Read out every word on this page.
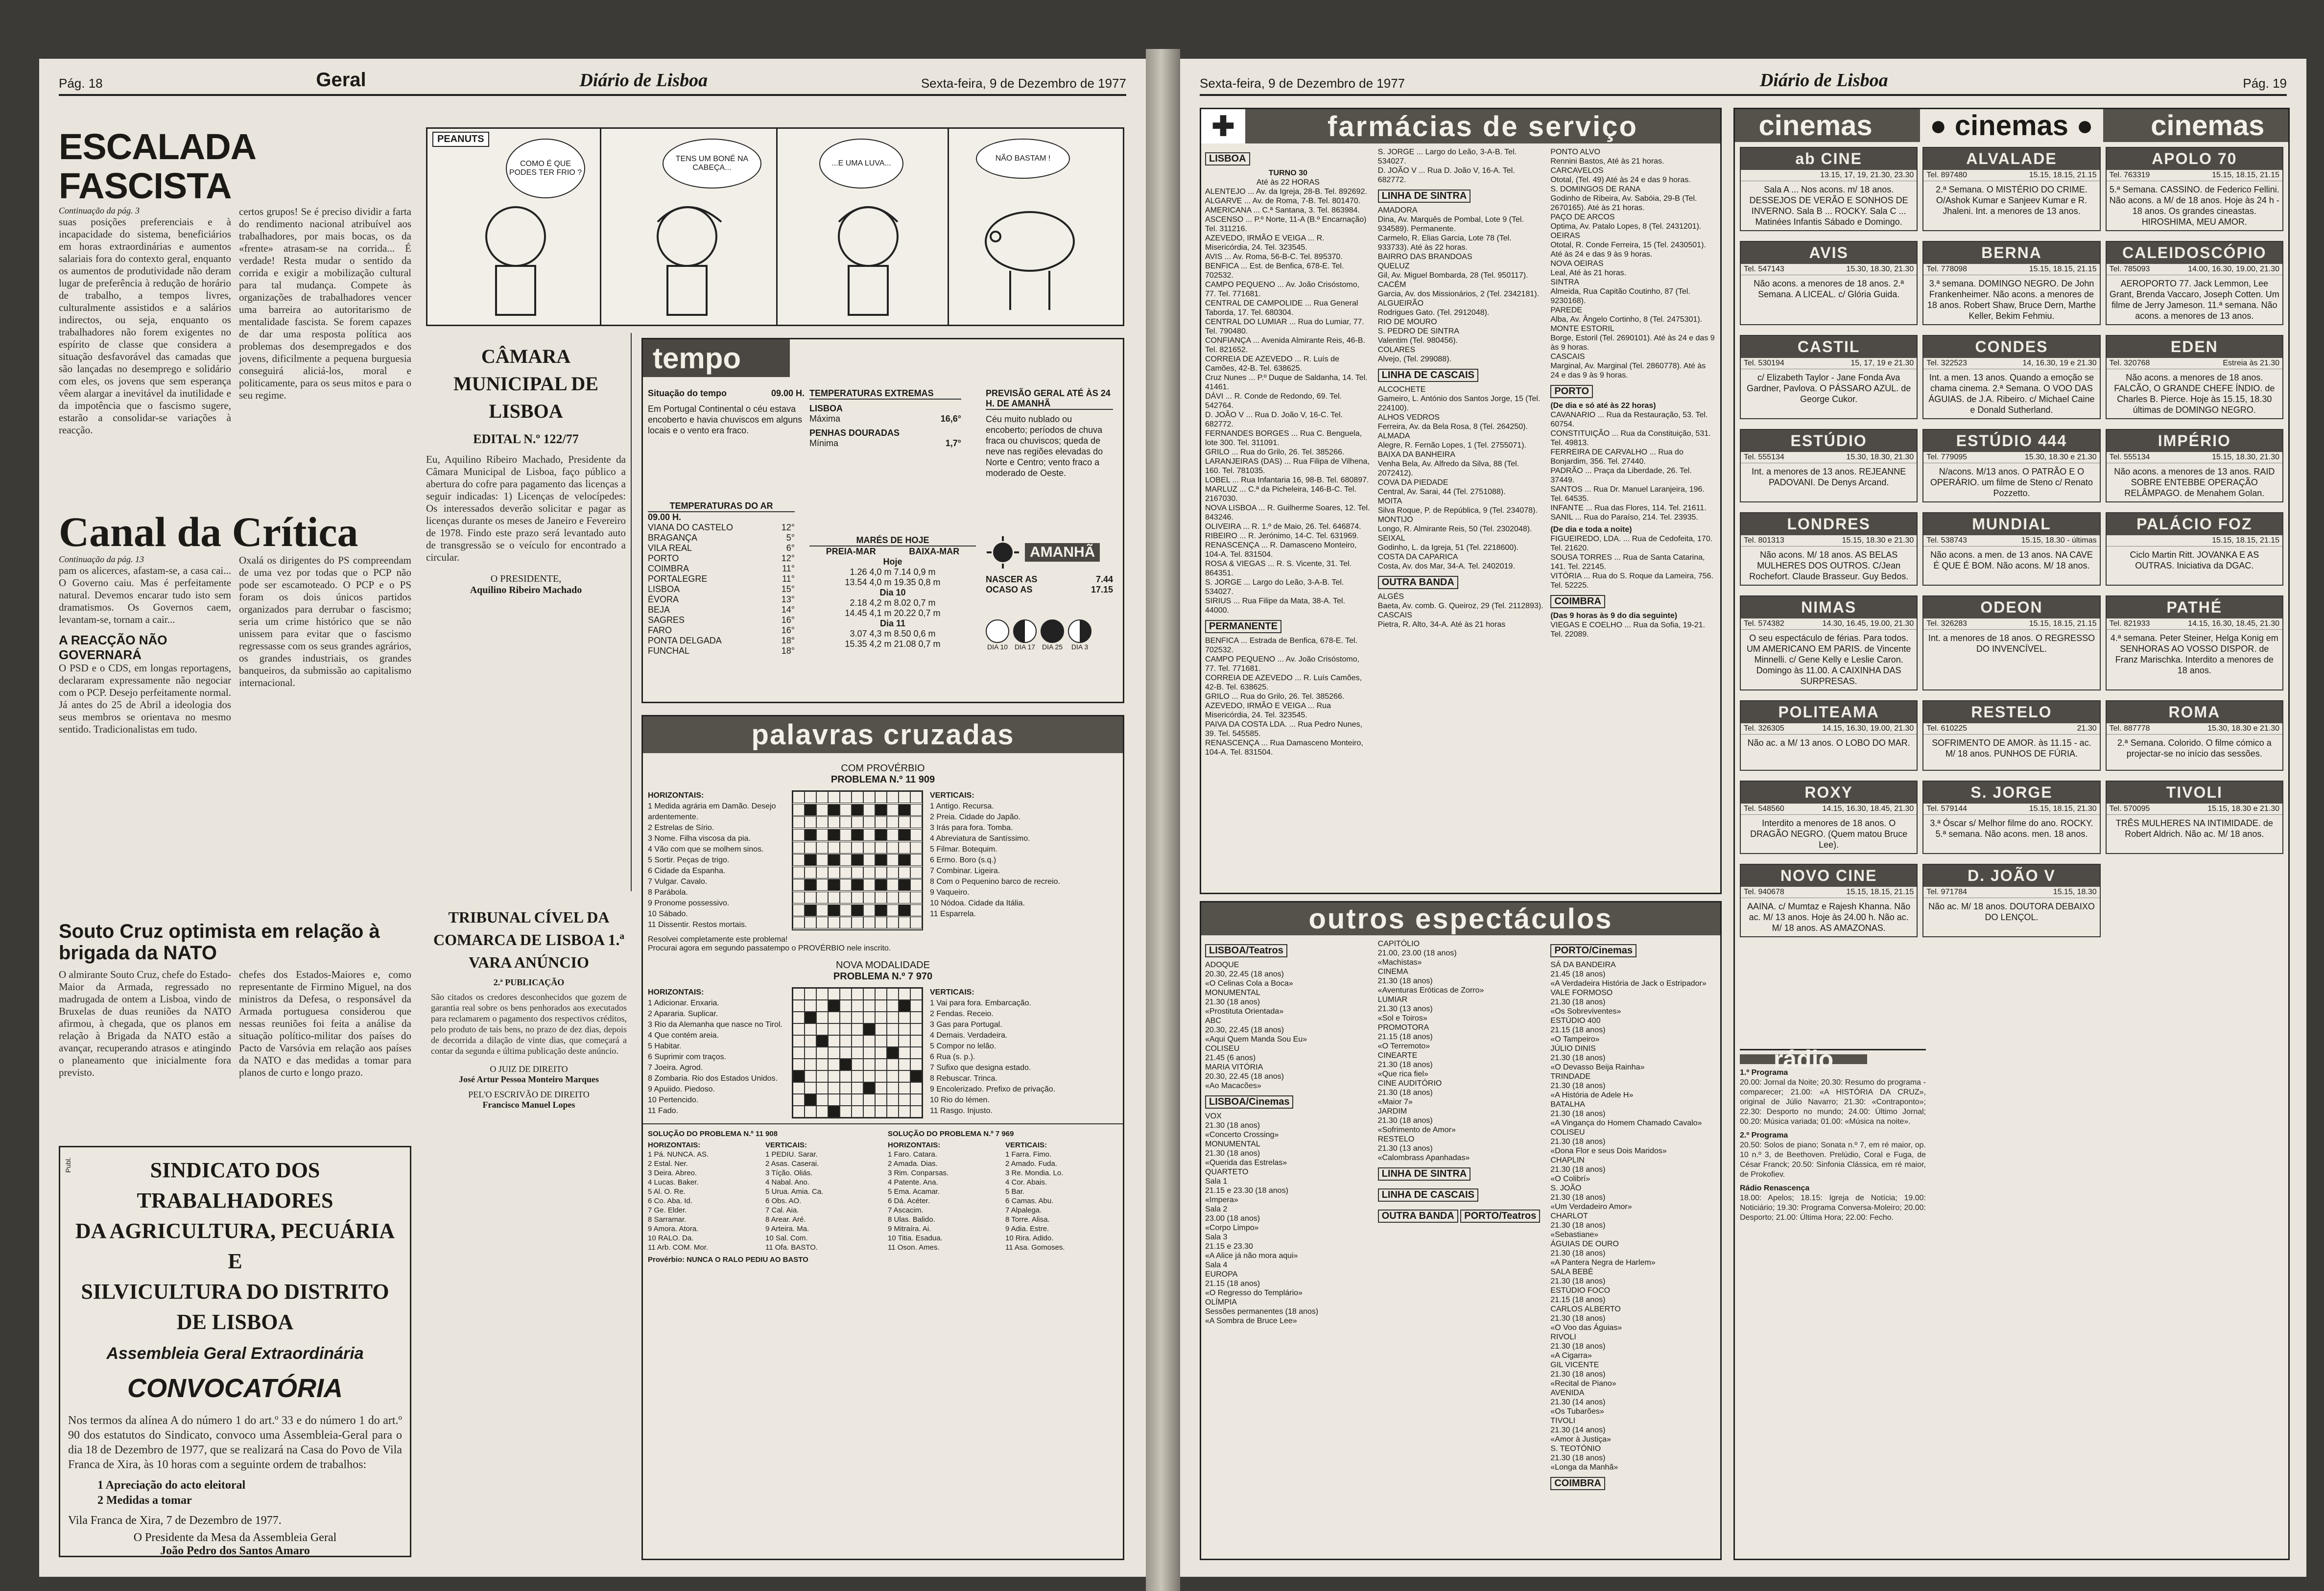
Pág. 18	Geral	Diário de Lisboa	Sexta-feira, 9 de Dezembro de 1977
ESCALADA FASCISTA
Continuação da pág. 3
suas posições preferenciais e à incapacidade do sistema, beneficiários em horas extraordinárias e aumentos salariais fora do contexto geral, enquanto os aumentos de produtividade não deram lugar de preferência à redução de horário de trabalho, a tempos livres, culturalmente assistidos e a salários indirectos, ou seja, enquanto os trabalhadores não forem exigentes no espírito de classe que considera a situação desfavorável das camadas que são lançadas no desemprego e solidário com eles, os jovens que sem esperança vêem alargar a inevitável da inutilidade e da impotência que o fascismo sugere, estarão a consolidar-se variações à reacção.
certos grupos! Se é preciso dividir a farta do rendimento nacional atribuível aos trabalhadores, por mais bocas, os da «frente» atrasam-se na corrida... É verdade! Resta mudar o sentido da corrida e exigir a mobilização cultural para tal mudança. Compete às organizações de trabalhadores vencer uma barreira ao autoritarismo de mentalidade fascista. Se forem capazes de dar uma resposta política aos problemas dos desempregados e dos jovens, dificilmente a pequena burguesia conseguirá aliciá-los, moral e politicamente, para os seus mitos e para o seu regime.
Canal da Crítica
Continuação da pág. 13
pam os alicerces, afastam-se, a casa cai... O Governo caiu. Mas é perfeitamente natural. Devemos encarar tudo isto sem dramatismos. Os Governos caem, levantam-se, tornam a cair...
A REACÇÃO NÃO GOVERNARÁ
O PSD e o CDS, em longas reportagens, declararam expressamente não negociar com o PCP. Desejo perfeitamente normal. Já antes do 25 de Abril a ideologia dos seus membros se orientava no mesmo sentido. Tradicionalistas em tudo.
Oxalá os dirigentes do PS compreendam de uma vez por todas que o PCP não pode ser escamoteado. O PCP e o PS foram os dois únicos partidos organizados para derrubar o fascismo; seria um crime histórico que se não unissem para evitar que o fascismo regressasse com os seus grandes agrários, os grandes industriais, os grandes banqueiros, da submissão ao capitalismo internacional.
Souto Cruz optimista em relação à brigada da NATO
O almirante Souto Cruz, chefe do Estado-Maior da Armada, regressado no madrugada de ontem a Lisboa, vindo de Bruxelas de duas reuniões da NATO afirmou, à chegada, que os planos em relação à Brigada da NATO estão a avançar, recuperando atrasos e atingindo o planeamento que inicialmente fora previsto.
chefes dos Estados-Maiores e, como representante de Firmino Miguel, na dos ministros da Defesa, o responsável da Armada portuguesa considerou que nessas reuniões foi feita a análise da situação político-militar dos países do Pacto de Varsóvia em relação aos países da NATO e das medidas a tomar para planos de curto e longo prazo.
Publ.	SINDICATO DOS TRABALHADORES
DA AGRICULTURA, PECUÁRIA E
SILVICULTURA DO DISTRITO DE LISBOA
Assembleia Geral Extraordinária
CONVOCATÓRIA
Nos termos da alínea A do número 1 do art.º 33 e do número 1 do art.º 90 dos estatutos do Sindicato, convoco uma Assembleia-Geral para o dia 18 de Dezembro de 1977, que se realizará na Casa do Povo de Vila Franca de Xira, às 10 horas com a seguinte ordem de trabalhos:
1 Apreciação do acto eleitoral
2 Medidas a tomar
Vila Franca de Xira, 7 de Dezembro de 1977.
O Presidente da Mesa da Assembleia Geral
João Pedro dos Santos Amaro
PEANUTS
COMO É QUE PODES TER FRIO ?
TENS UM BONÉ NA CABEÇA...
...E UMA LUVA...
NÃO BASTAM !
CÂMARA MUNICIPAL DE LISBOA
EDITAL N.º 122/77
Eu, Aquilino Ribeiro Machado, Presidente da Câmara Municipal de Lisboa, faço público a abertura do cofre para pagamento das licenças a seguir indicadas: 1) Licenças de velocípedes: Os interessados deverão solicitar e pagar as licenças durante os meses de Janeiro e Fevereiro de 1978. Findo este prazo será levantado auto de transgressão se o veículo for encontrado a circular.
O PRESIDENTE,
Aquilino Ribeiro Machado
TRIBUNAL CÍVEL DA COMARCA DE LISBOA 1.ª VARA ANÚNCIO
2.ª PUBLICAÇÃO
São citados os credores desconhecidos que gozem de garantia real sobre os bens penhorados aos executados para reclamarem o pagamento dos respectivos créditos, pelo produto de tais bens, no prazo de dez dias, depois de decorrida a dilação de vinte dias, que começará a contar da segunda e última publicação deste anúncio.
O JUIZ DE DIREITO
José Artur Pessoa Monteiro Marques
PEL'O ESCRIVÃO DE DIREITO
Francisco Manuel Lopes
tempo
Situação do tempo	09.00 H.
Em Portugal Continental o céu estava encoberto e havia chuviscos em alguns locais e o vento era fraco.
TEMPERATURAS EXTREMAS
LISBOA
Máxima	16,6°
PENHAS DOURADAS
Mínima	1,7°
PREVISÃO GERAL ATÉ ÀS 24 H. DE AMANHÃ
Céu muito nublado ou encoberto; períodos de chuva fraca ou chuviscos; queda de neve nas regiões elevadas do Norte e Centro; vento fraco a moderado de Oeste.
TEMPERATURAS DO AR
09.00 H.
VIANA DO CASTELO	12°
BRAGANÇA	5°
VILA REAL	6°
PORTO	12°
COIMBRA	11°
PORTALEGRE	11°
LISBOA	15°
ÉVORA	13°
BEJA	14°
SAGRES	16°
FARO	16°
PONTA DELGADA	18°
FUNCHAL	18°
MARÉS DE HOJE
PREIA-MAR	BAIXA-MAR
Hoje
1.26 4,0 m 7.14 0,9 m
13.54 4,0 m 19.35 0,8 m
Dia 10
2.18 4,2 m 8.02 0,7 m
14.45 4,1 m 20.22 0,7 m
Dia 11
3.07 4,3 m 8.50 0,6 m
15.35 4,2 m 21.08 0,7 m
AMANHÃ
NASCER AS	7.44
OCASO AS	17.15
DIA 10 DIA 17 DIA 25	DIA 3
palavras cruzadas
COM PROVÉRBIO
PROBLEMA N.º 11 909
HORIZONTAIS:
1 Medida agrária em Damão. Desejo ardentemente.
2 Estrelas de Sírio.
3 Nome. Filha viscosa da pia.
4 Vão com que se molhem sinos.
5 Sortir. Peças de trigo.
6 Cidade da Espanha.
7 Vulgar. Cavalo.
8 Parábola.
9 Pronome possessivo.
10 Sábado.
11 Dissentir. Restos mortais.
VERTICAIS:
1 Antigo. Recursa.
2 Preia. Cidade do Japão.
3 Irás para fora. Tomba.
4 Abreviatura de Santíssimo.
5 Filmar. Botequim.
6 Ermo. Boro (s.q.)
7 Combinar. Ligeira.
8 Com o Pequenino barco de recreio.
9 Vaqueiro.
10 Nódoa. Cidade da Itália.
11 Esparrela.
Resolvei completamente este problema!
Procurai agora em segundo passatempo o PROVÉRBIO nele inscrito.
NOVA MODALIDADE
PROBLEMA N.º 7 970
HORIZONTAIS:
1 Adicionar. Enxaria.
2 Apararia. Suplicar.
3 Rio da Alemanha que nasce no Tirol.
4 Que contém areia.
5 Habitar.
6 Suprimir com traços.
7 Joeira. Agrod.
8 Zombaria. Rio dos Estados Unidos.
9 Apuiido. Piedoso.
10 Pertencido.
11 Fado.
VERTICAIS:
1 Vai para fora. Embarcação.
2 Fendas. Receio.
3 Gas para Portugal.
4 Demais. Verdadeira.
5 Compor no lelão.
6 Rua (s. p.).
7 Sufixo que designa estado.
8 Rebuscar. Trinca.
9 Encolerizado. Prefixo de privação.
10 Rio do Iémen.
11 Rasgo. Injusto.
SOLUÇÃO DO PROBLEMA N.º 11 908
HORIZONTAIS:
1 Pá. NUNCA. AS.
2 Estal. Ner.
3 Deira. Abreo.
4 Lucas. Baker.
5 Al. O. Re.
6 Co. Aba. Id.
7 Ge. Elder.
8 Sarramar.
9 Amora. Atora.
10 RALO. Da.
11 Arb. COM. Mor.
VERTICAIS:
1 PEDIU. Sarar.
2 Asas. Caserai.
3 Tíção. Oliás.
4 Nabal. Ano.
5 Urua. Amia. Ca.
6 Obs. AO.
7 Cal. Aia.
8 Arear. Aré.
9 Arteira. Ma.
10 Sal. Com.
11 Ofa. BASTO.
Provérbio: NUNCA O RALO PEDIU AO BASTO
SOLUÇÃO DO PROBLEMA N.º 7 969
HORIZONTAIS:
1 Faro. Catara.
2 Amada. Dias.
3 Rim. Conparsas.
4 Patente. Ana.
5 Ema. Acamar.
6 Dá. Acéter.
7 Ascacim.
8 Ulas. Balido.
9 Mitraíra. Ai.
10 Titia. Esadua.
11 Oson. Ames.
VERTICAIS:
1 Farra. Fimo.
2 Amado. Fuda.
3 Re. Mondia. Lo.
4 Cor. Abais.
5 Bar.
6 Camas. Abu.
7 Alpalega.
8 Torre. Alisa.
9 Adia. Estre.
10 Rira. Adido.
11 Asa. Gomoses.
Sexta-feira, 9 de Dezembro de 1977	Diário de Lisboa	Pág. 19
✚	farmácias de serviço
LISBOA
TURNO 30
Até às 22 HORAS
ALENTEJO ... Av. da Igreja, 28-B. Tel. 892692.
ALGARVE ... Av. de Roma, 7-B. Tel. 801470.
AMERICANA ... C.ª Santana, 3. Tel. 863984.
ASCENSO ... P.º Norte, 11-A (B.º Encarnação) Tel. 311216.
AZEVEDO, IRMÃO E VEIGA ... R. Misericórdia, 24. Tel. 323545.
AVIS ... Av. Roma, 56-B-C. Tel. 895370.
BENFICA ... Est. de Benfica, 678-E. Tel. 702532.
CAMPO PEQUENO ... Av. João Crisóstomo, 77. Tel. 771681.
CENTRAL DE CAMPOLIDE ... Rua General Taborda, 17. Tel. 680304.
CENTRAL DO LUMIAR ... Rua do Lumiar, 77. Tel. 790480.
CONFIANÇA ... Avenida Almirante Reis, 46-B. Tel. 821652.
CORREIA DE AZEVEDO ... R. Luís de Camões, 42-B. Tel. 638625.
Cruz Nunes ... P.º Duque de Saldanha, 14. Tel. 41461.
DÁVI ... R. Conde de Redondo, 69. Tel. 542764.
D. JOÃO V ... Rua D. João V, 16-C. Tel. 682772.
FERNANDES BORGES ... Rua C. Benguela, lote 300. Tel. 311091.
GRILO ... Rua do Grilo, 26. Tel. 385266.
LARANJEIRAS (DAS) ... Rua Filipa de Vilhena, 160. Tel. 781035.
LOBEL ... Rua Infantaria 16, 98-B. Tel. 680897.
MARLUZ ... C.ª da Picheleira, 146-B-C. Tel. 2167030.
NOVA LISBOA ... R. Guilherme Soares, 12. Tel. 843246.
OLIVEIRA ... R. 1.º de Maio, 26. Tel. 646874.
RIBEIRO ... R. Jerónimo, 14-C. Tel. 631969.
RENASCENÇA ... R. Damasceno Monteiro, 104-A. Tel. 831504.
ROSA & VIEGAS ... R. S. Vicente, 31. Tel. 864351.
S. JORGE ... Largo do Leão, 3-A-B. Tel. 534027.
SIRIUS ... Rua Filipe da Mata, 38-A. Tel. 44000.
PERMANENTE
BENFICA ... Estrada de Benfica, 678-E. Tel. 702532.
CAMPO PEQUENO ... Av. João Crisóstomo, 77. Tel. 771681.
CORREIA DE AZEVEDO ... R. Luís Camões, 42-B. Tel. 638625.
GRILO ... Rua do Grilo, 26. Tel. 385266.
AZEVEDO, IRMÃO E VEIGA ... Rua Misericórdia, 24. Tel. 323545.
PAIVA DA COSTA LDA. ... Rua Pedro Nunes, 39. Tel. 545585.
RENASCENÇA ... Rua Damasceno Monteiro, 104-A. Tel. 831504.
S. JORGE ... Largo do Leão, 3-A-B. Tel. 534027.
D. JOÃO V ... Rua D. João V, 16-A. Tel. 682772.
LINHA DE SINTRA
AMADORA
Dina, Av. Marquês de Pombal, Lote 9 (Tel. 934589). Permanente.
Carmelo, R. Elias Garcia, Lote 78 (Tel. 933733). Até às 22 horas.
BAIRRO DAS BRANDOAS
QUELUZ
Gil, Av. Miguel Bombarda, 28 (Tel. 950117).
CACÉM
Garcia, Av. dos Missionários, 2 (Tel. 2342181).
ALGUEIRÃO
Rodrigues Gato. (Tel. 2912048).
RIO DE MOURO
S. PEDRO DE SINTRA
Valentim (Tel. 980456).
COLARES
Alvejo, (Tel. 299088).
LINHA DE CASCAIS
ALCOCHETE
Gameiro, L. António dos Santos Jorge, 15 (Tel. 224100).
ALHOS VEDROS
Ferreira, Av. da Bela Rosa, 8 (Tel. 264250).
ALMADA
Alegre, R. Fernão Lopes, 1 (Tel. 2755071).
BAIXA DA BANHEIRA
Venha Bela, Av. Alfredo da Silva, 88 (Tel. 2072412).
COVA DA PIEDADE
Central, Av. Sarai, 44 (Tel. 2751088).
MOITA
Silva Roque, P. de República, 9 (Tel. 234078).
MONTIJO
Longo, R. Almirante Reis, 50 (Tel. 2302048).
SEIXAL
Godinho, L. da Igreja, 51 (Tel. 2218600).
COSTA DA CAPARICA
Costa, Av. dos Mar, 34-A. Tel. 2402019.
OUTRA BANDA
ALGÉS
Baeta, Av. comb. G. Queiroz, 29 (Tel. 2112893).
CASCAIS
Pietra, R. Alto, 34-A. Até às 21 horas
PONTO ALVO
Rennini Bastos, Até às 21 horas.
CARCAVELOS
Ototal, (Tel. 49) Até às 24 e das 9 horas.
S. DOMINGOS DE RANA
Godinho de Ribeira, Av. Sabóia, 29-B (Tel. 2670165). Até às 21 horas.
PAÇO DE ARCOS
Optima, Av. Patalo Lopes, 8 (Tel. 2431201).
OEIRAS
Ototal, R. Conde Ferreira, 15 (Tel. 2430501). Até às 24 e das 9 às 9 horas.
NOVA OEIRAS
Leal, Até às 21 horas.
SINTRA
Almeida, Rua Capitão Coutinho, 87 (Tel. 9230168).
PAREDE
Alba, Av. Ângelo Cortinho, 8 (Tel. 2475301).
MONTE ESTORIL
Borge, Estoril (Tel. 2690101). Até às 24 e das 9 às 9 horas.
CASCAIS
Marginal, Av. Marginal (Tel. 2860778). Até às 24 e das 9 às 9 horas.
PORTO
(De dia e só até às 22 horas)
CAVANARIO ... Rua da Restauração, 53. Tel. 60754.
CONSTITUIÇÃO ... Rua da Constituição, 531. Tel. 49813.
FERREIRA DE CARVALHO ... Rua do Bonjardim, 356. Tel. 27440.
PADRÃO ... Praça da Liberdade, 26. Tel. 37449.
SANTOS ... Rua Dr. Manuel Laranjeira, 196. Tel. 64535.
INFANTE ... Rua das Flores, 114. Tel. 21611.
SANIL ... Rua do Paraíso, 214. Tel. 23935.
(De dia e toda a noite)
FIGUEIREDO, LDA. ... Rua de Cedofeita, 170. Tel. 21620.
SOUSA TORRES ... Rua de Santa Catarina, 141. Tel. 22145.
VITÓRIA ... Rua do S. Roque da Lameira, 756. Tel. 52225.
COIMBRA
(Das 9 horas às 9 do dia seguinte)
VIEGAS E COELHO ... Rua da Sofia, 19-21. Tel. 22089.
outros espectáculos
LISBOA/Teatros
ADOQUE
20.30, 22.45 (18 anos)
«O Celinas Cola a Boca»
MONUMENTAL
21.30 (18 anos)
«Prostituta Orientada»
ABC
20.30, 22.45 (18 anos)
«Aqui Quem Manda Sou Eu»
COLISEU
21.45 (6 anos)
MARIA VITÓRIA
20.30, 22.45 (18 anos)
«Ao Macacões»
LISBOA/Cinemas
VOX
21.30 (18 anos)
«Concerto Crossing»
MONUMENTAL
21.30 (18 anos)
«Querida das Estrelas»
QUARTETO
Sala 1
21.15 e 23.30 (18 anos)
«Impera»
Sala 2
23.00 (18 anos)
«Corpo Limpo»
Sala 3
21.15 e 23.30
«A Alice já não mora aqui»
Sala 4
EUROPA
21.15 (18 anos)
«O Regresso do Templário»
OLÍMPIA
Sessões permanentes (18 anos)
«A Sombra de Bruce Lee»
CAPITÓLIO
21.00, 23.00 (18 anos)
«Machistas»
CINEMA
21.30 (18 anos)
«Aventuras Eróticas de Zorro»
LUMIAR
21.30 (13 anos)
«Sol e Toiros»
PROMOTORA
21.15 (18 anos)
«O Terremoto»
CINEARTE
21.30 (18 anos)
«Que rica fiel»
CINE AUDITÓRIO
21.30 (18 anos)
«Maior 7»
JARDIM
21.30 (18 anos)
«Sofrimento de Amor»
RESTELO
21.30 (13 anos)
«Calombrass Apanhadas»
LINHA DE SINTRA LINHA DE CASCAIS OUTRA BANDA PORTO/Teatros
PORTO/Cinemas
SÁ DA BANDEIRA
21.45 (18 anos)
«A Verdadeira História de Jack o Estripador»
VALE FORMOSO
21.30 (18 anos)
«Os Sobreviventes»
ESTÚDIO 400
21.15 (18 anos)
«O Tampeiro»
JÚLIO DINIS
21.30 (18 anos)
«O Devasso Beija Rainha»
TRINDADE
21.30 (18 anos)
«A História de Adele H»
BATALHA
21.30 (18 anos)
«A Vingança do Homem Chamado Cavalo»
COLISEU
21.30 (18 anos)
«Dona Flor e seus Dois Maridos»
CHAPLIN
21.30 (18 anos)
«O Colibrí»
S. JOÃO
21.30 (18 anos)
«Um Verdadeiro Amor»
CHARLOT
21.30 (18 anos)
«Sebastiane»
ÁGUIAS DE OURO
21.30 (18 anos)
«A Pantera Negra de Harlem»
SALA BEBÉ
21.30 (18 anos)
ESTÚDIO FOCO
21.15 (18 anos)
CARLOS ALBERTO
21.30 (18 anos)
«O Voo das Águias»
RIVOLI
21.30 (18 anos)
«A Cigarra»
GIL VICENTE
21.30 (18 anos)
«Recital de Piano»
AVENIDA
21.30 (14 anos)
«Os Tubarões»
TIVOLI
21.30 (14 anos)
«Amor à Justiça»
S. TEOTÓNIO
21.30 (18 anos)
«Longa da Manhã»
COIMBRA
cinemas	● cinemas ●	cinemas
ab CINE
13.15, 17, 19, 21.30, 23.30
Sala A ... Nos acons. m/ 18 anos. DESSEJOS DE VERÃO E SONHOS DE INVERNO. Sala B ... ROCKY. Sala C ... Matinées Infantis Sábado e Domingo.
ALVALADE
Tel. 897480	15.15, 18.15, 21.15
2.ª Semana. O MISTÉRIO DO CRIME. O/Ashok Kumar e Sanjeev Kumar e R. Jhaleni. Int. a menores de 13 anos.
APOLO 70
Tel. 763319	15.15, 18.15, 21.15
5.ª Semana. CASSINO. de Federico Fellini. Não acons. a M/ de 18 anos. Hoje às 24 h - 18 anos. Os grandes cineastas. HIROSHIMA, MEU AMOR.
AVIS
Tel. 547143	15.30, 18.30, 21.30
Não acons. a menores de 18 anos. 2.ª Semana. A LICEAL. c/ Glória Guida.
BERNA
Tel. 778098	15.15, 18.15, 21.15
3.ª semana. DOMINGO NEGRO. De John Frankenheimer. Não acons. a menores de 18 anos. Robert Shaw, Bruce Dern, Marthe Keller, Bekim Fehmiu.
CALEIDOSCÓPIO
Tel. 785093	14.00, 16.30, 19.00, 21.30
AEROPORTO 77. Jack Lemmon, Lee Grant, Brenda Vaccaro, Joseph Cotten. Um filme de Jerry Jameson. 11.ª semana. Não acons. a menores de 13 anos.
CASTIL
Tel. 530194	15, 17, 19 e 21.30
c/ Elizabeth Taylor - Jane Fonda Ava Gardner, Pavlova. O PÁSSARO AZUL. de George Cukor.
CONDES
Tel. 322523	14, 16.30, 19 e 21.30
Int. a men. 13 anos. Quando a emoção se chama cinema. 2.ª Semana. O VOO DAS ÁGUIAS. de J.A. Ribeiro. c/ Michael Caine e Donald Sutherland.
EDEN
Tel. 320768	Estreia às 21.30
Não acons. a menores de 18 anos. FALCÃO, O GRANDE CHEFE ÍNDIO. de Charles B. Pierce. Hoje às 15.15, 18.30 últimas de DOMINGO NEGRO.
ESTÚDIO
Tel. 555134	15.30, 18.30, 21.30
Int. a menores de 13 anos. REJEANNE PADOVANI. De Denys Arcand.
ESTÚDIO 444
Tel. 779095	15.30, 18.30 e 21.30
N/acons. M/13 anos. O PATRÃO E O OPERÁRIO. um filme de Steno c/ Renato Pozzetto.
IMPÉRIO
Tel. 555134	15.15, 18.30, 21.30
Não acons. a menores de 13 anos. RAID SOBRE ENTEBBE OPERAÇÃO RELÂMPAGO. de Menahem Golan.
LONDRES
Tel. 801313	15.15, 18.30 e 21.30
Não acons. M/ 18 anos. AS BELAS MULHERES DOS OUTROS. C/Jean Rochefort. Claude Brasseur. Guy Bedos.
MUNDIAL
Tel. 538743	15.15, 18.30 - últimas
Não acons. a men. de 13 anos. NA CAVE É QUE É BOM. Não acons. M/ 18 anos.
PALÁCIO FOZ
15.15, 18.15, 21.15
Ciclo Martin Ritt. JOVANKA E AS OUTRAS. Iniciativa da DGAC.
NIMAS
Tel. 574382	14.30, 16.45, 19.00, 21.30
O seu espectáculo de férias. Para todos. UM AMERICANO EM PARIS. de Vincente Minnelli. c/ Gene Kelly e Leslie Caron. Domingo às 11.00. A CAIXINHA DAS SURPRESAS.
ODEON
Tel. 326283	15.15, 18.15, 21.15
Int. a menores de 18 anos. O REGRESSO DO INVENCÍVEL.
PATHÉ
Tel. 821933	14.15, 16.30, 18.45, 21.30
4.ª semana. Peter Steiner, Helga Konig em SENHORAS AO VOSSO DISPOR. de Franz Marischka. Interdito a menores de 18 anos.
POLITEAMA
Tel. 326305	14.15, 16.30, 19.00, 21.30
Não ac. a M/ 13 anos. O LOBO DO MAR.
RESTELO
Tel. 610225	21.30
SOFRIMENTO DE AMOR. às 11.15 - ac. M/ 18 anos. PUNHOS DE FÚRIA.
ROMA
Tel. 887778	15.30, 18.30 e 21.30
2.ª Semana. Colorido. O filme cómico a projectar-se no início das sessões.
ROXY
Tel. 548560	14.15, 16.30, 18.45, 21.30
Interdito a menores de 18 anos. O DRAGÃO NEGRO. (Quem matou Bruce Lee).
S. JORGE
Tel. 579144	15.15, 18.15, 21.30
3.ª Óscar s/ Melhor filme do ano. ROCKY. 5.ª semana. Não acons. men. 18 anos.
TIVOLI
Tel. 570095	15.15, 18.30 e 21.30
TRÊS MULHERES NA INTIMIDADE. de Robert Aldrich. Não ac. M/ 18 anos.
NOVO CINE
Tel. 940678	15.15, 18.15, 21.15
AAINA. c/ Mumtaz e Rajesh Khanna. Não ac. M/ 13 anos. Hoje às 24.00 h. Não ac. M/ 18 anos. AS AMAZONAS.
D. JOÃO V
Tel. 971784	15.15, 18.30
Não ac. M/ 18 anos. DOUTORA DEBAIXO DO LENÇOL.
rádio
1.º Programa
20.00: Jornal da Noite; 20.30: Resumo do programa - comparecer; 21.00: «A HISTÓRIA DA CRUZ», original de Júlio Navarro; 21.30: «Contraponto»; 22.30: Desporto no mundo; 24.00: Último Jornal; 00.20: Música variada; 01.00: «Música na noite».
2.º Programa
20.50: Solos de piano; Sonata n.º 7, em ré maior, op. 10 n.º 3, de Beethoven. Prelúdio, Coral e Fuga, de César Franck; 20.50: Sinfonia Clássica, em ré maior, de Prokofiev.
Rádio Renascença
18.00: Apelos; 18.15: Igreja de Notícia; 19.00: Noticiário; 19.30: Programa Conversa-Moleiro; 20.00: Desporto; 21.00: Última Hora; 22.00: Fecho.
